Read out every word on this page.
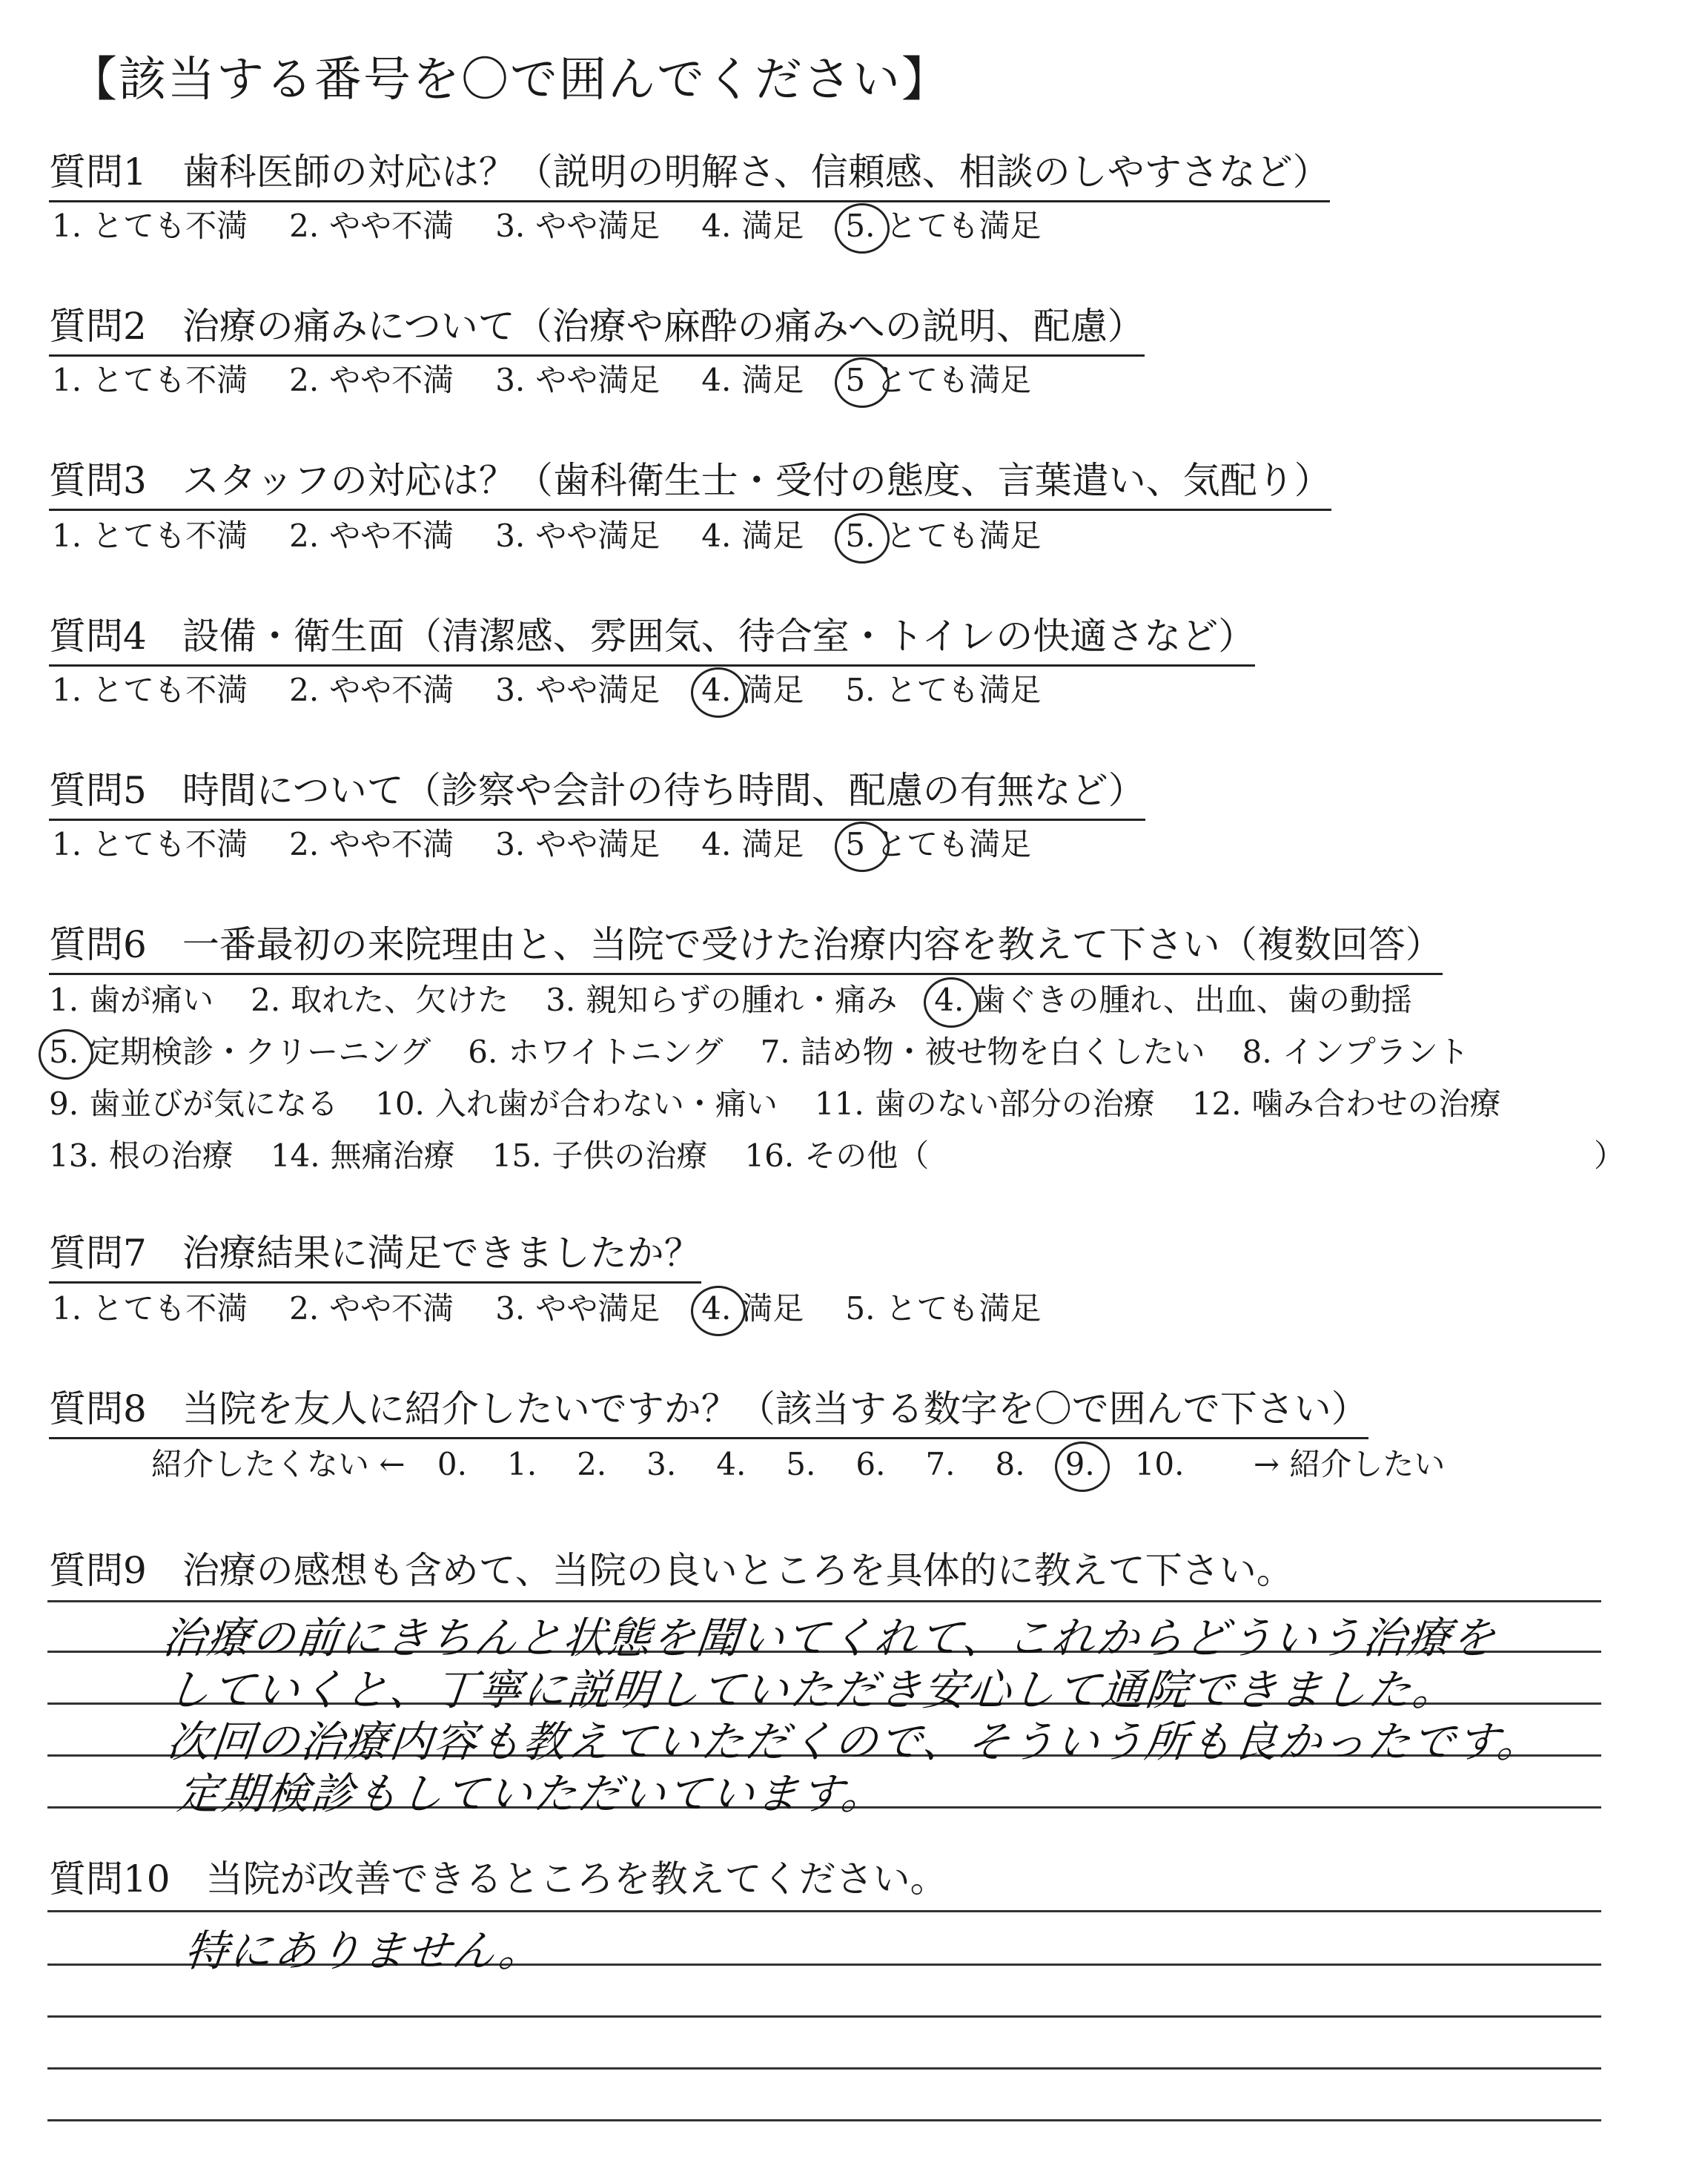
【該当する番号を〇で囲んでください】
質問1 歯科医師の対応は？（説明の明解さ、信頼感、相談のしやすさなど）
1. とても不満 2. やや不満 3. やや満足 4. 満足 5. とても満足
質問2 治療の痛みについて（治療や麻酔の痛みへの説明、配慮）
1. とても不満 2. やや不満 3. やや満足 4. 満足 5 とても満足
質問3 スタッフの対応は？（歯科衛生士・受付の態度、言葉遣い、気配り）
1. とても不満 2. やや不満 3. やや満足 4. 満足 5. とても満足
質問4 設備・衛生面（清潔感、雰囲気、待合室・トイレの快適さなど）
1. とても不満 2. やや不満 3. やや満足 4. 満足 5. とても満足
質問5 時間について（診察や会計の待ち時間、配慮の有無など）
1. とても不満 2. やや不満 3. やや満足 4. 満足 5 とても満足
質問6 一番最初の来院理由と、当院で受けた治療内容を教えて下さい（複数回答）
1. 歯が痛い 2. 取れた、欠けた 3. 親知らずの腫れ・痛み 4. 歯ぐきの腫れ、出血、歯の動揺
5. 定期検診・クリーニング 6. ホワイトニング 7. 詰め物・被せ物を白くしたい 8. インプラント
9. 歯並びが気になる 10. 入れ歯が合わない・痛い 11. 歯のない部分の治療 12. 噛み合わせの治療
13. 根の治療 14. 無痛治療 15. 子供の治療 16. その他（	）
質問7 治療結果に満足できましたか？
1. とても不満 2. やや不満 3. やや満足 4. 満足 5. とても満足
質問8 当院を友人に紹介したいですか？（該当する数字を〇で囲んで下さい）
紹介したくない ← 0. 1. 2. 3. 4. 5. 6. 7. 8. 9. 10. → 紹介したい
質問9 治療の感想も含めて、当院の良いところを具体的に教えて下さい。
治療の前にきちんと状態を聞いてくれて、これからどういう治療を
していくと、丁寧に説明していただき安心して通院できました。
次回の治療内容も教えていただくので、そういう所も良かったです。
定期検診もしていただいています。
質問10 当院が改善できるところを教えてください。
特にありません。
